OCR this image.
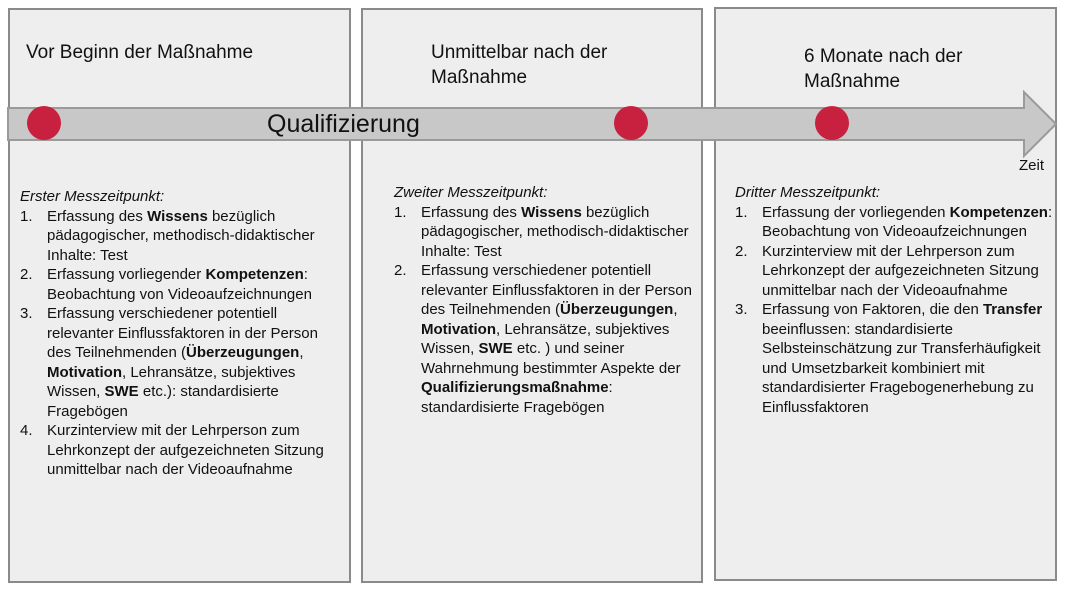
Vor Beginn der Maßnahme
Erster Messzeitpunkt:
Erfassung des Wissens bezüglich pädagogischer, methodisch-didaktischer Inhalte: Test
Erfassung vorliegender Kompetenzen: Beobachtung von Videoaufzeichnungen
Erfassung verschiedener potentiell relevanter Einflussfaktoren in der Person des Teilnehmenden (Überzeugungen, Motivation, Lehransätze, subjektives Wissen, SWE etc.): standardisierte Fragebögen
Kurzinterview mit der Lehrperson zum Lehrkonzept der aufgezeichneten Sitzung unmittelbar nach der Videoaufnahme
Unmittelbar nach der Maßnahme
Zweiter Messzeitpunkt:
Erfassung des Wissens bezüglich pädagogischer, methodisch-didaktischer Inhalte: Test
Erfassung verschiedener potentiell relevanter Einflussfaktoren in der Person des Teilnehmenden (Überzeugungen, Motivation, Lehransätze, subjektives Wissen, SWE etc. ) und seiner Wahrnehmung bestimmter Aspekte der Qualifizierungsmaßnahme: standardisierte Fragebögen
6 Monate nach der Maßnahme
Dritter Messzeitpunkt:
Erfassung der vorliegenden Kompetenzen: Beobachtung von Videoaufzeichnungen
Kurzinterview mit der Lehrperson zum Lehrkonzept der aufgezeichneten Sitzung unmittelbar nach der Videoaufnahme
Erfassung von Faktoren, die den Transfer beeinflussen: standardisierte Selbsteinschätzung zur Transferhäufigkeit und Umsetzbarkeit kombiniert mit standardisierter Fragebogenerhebung zu Einflussfaktoren
Qualifizierung
Zeit
